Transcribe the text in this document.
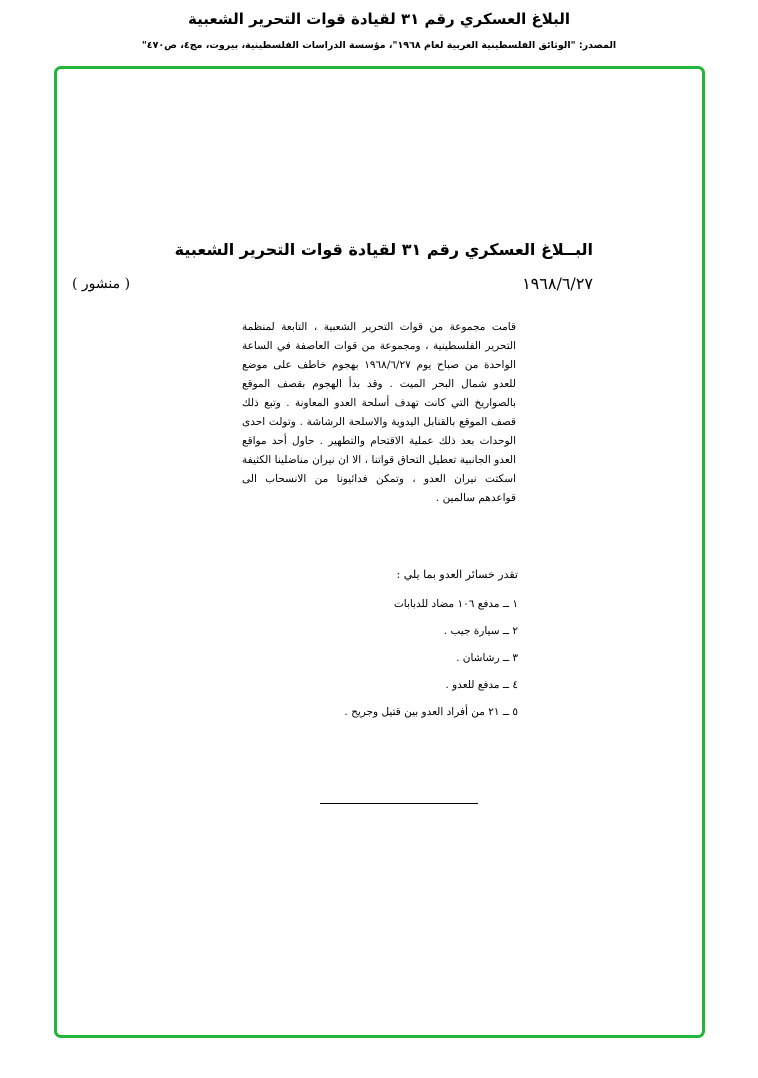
البلاغ العسكري رقم ٣١ لقيادة قوات التحرير الشعبية
المصدر: "الوثائق الفلسطينية العربية لعام ١٩٦٨"، مؤسسة الدراسات الفلسطينية، بيروت، مج٤، ص٤٧٠"
البــلاغ العسكري رقم ٣١ لقيادة قوات التحرير الشعبية
١٩٦٨/٦/٢٧
( منشور )

قامت مجموعة من قوات التحرير الشعبية ، التابعة لمنظمة التحرير الفلسطينية ، ومجموعة من قوات العاصفة في الساعة الواحدة من صباح يوم ١٩٦٨/٦/٢٧ بهجوم خاطف على موضع للعدو شمال البحر الميت . وقد بدأ الهجوم بقصف الموقع بالصواريخ التي كانت تهدف أسلحة العدو المعاونة . وتبع ذلك قصف الموقع بالقنابل اليدوية والاسلحة الرشاشة . وتولت احدى الوحدات بعد ذلك عملية الاقتحام والتطهير . حاول أحد مواقع العدو الجانبية تعطيل التحاق قواتنا ، الا ان نيران مناضلينا الكثيفة اسكتت نيران العدو ، وتمكن فدائيونا من الانسحاب الى قواعدهم سالمين .

تقدر خسائر العدو بما يلي :
١ ــ مدفع ١٠٦ مضاد للدبابات
٢ ــ سيارة جيب .
٣ ــ رشاشان .
٤ ــ مدفع للعدو .
٥ ــ ٢١ من أفراد العدو بين قتيل وجريح .
